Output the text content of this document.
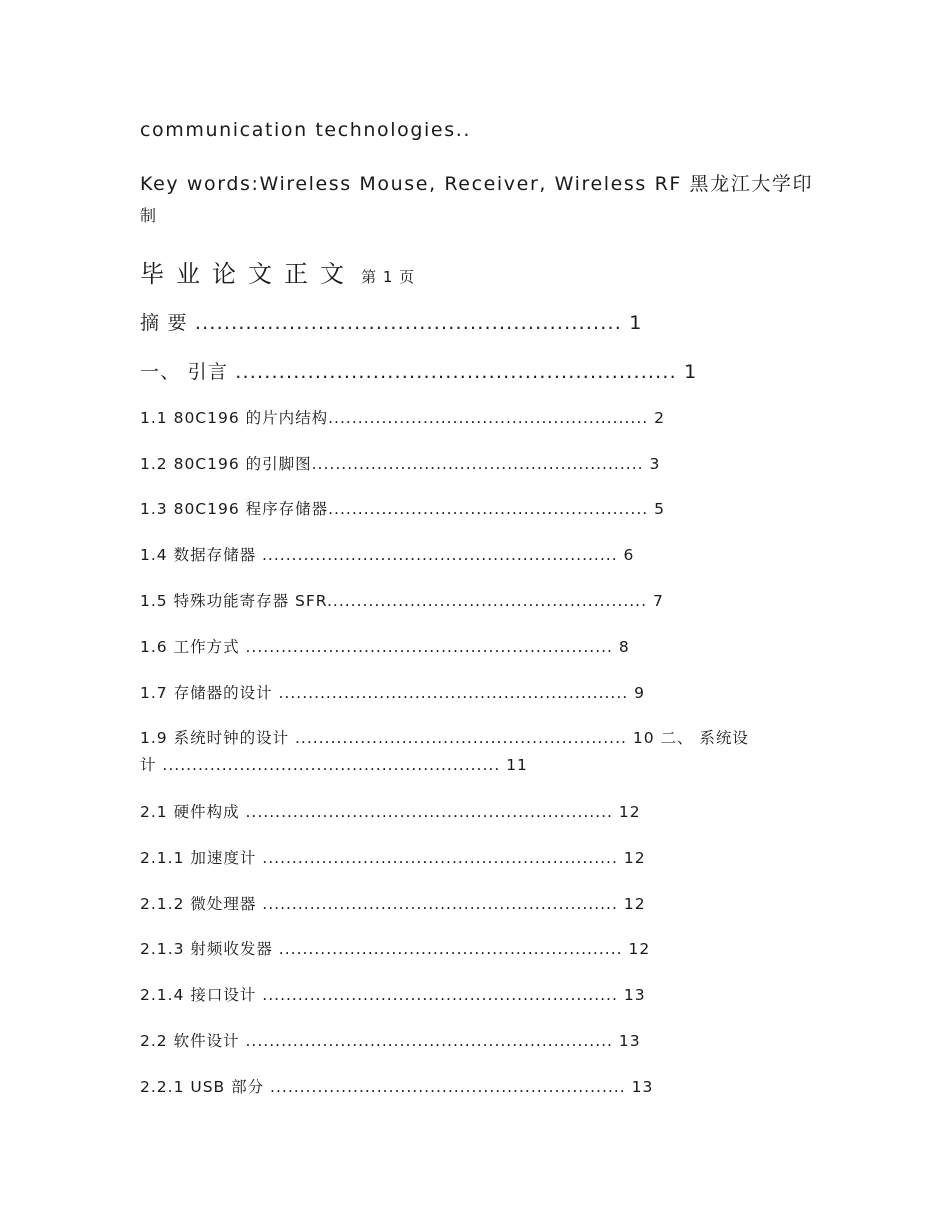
communication technologies..
Key words:Wireless Mouse, Receiver, Wireless RF 黑龙江大学印
制
毕业论文正文 第 1 页
摘 要 ........................................................... 1
一、 引言 ............................................................. 1
1.1 80C196 的片内结构...................................................... 2
1.2 80C196 的引脚图........................................................ 3
1.3 80C196 程序存储器...................................................... 5
1.4 数据存储器 ............................................................ 6
1.5 特殊功能寄存器 SFR...................................................... 7
1.6 工作方式 .............................................................. 8
1.7 存储器的设计 ........................................................... 9
1.9 系统时钟的设计 ........................................................ 10 二、 系统设
计 ......................................................... 11
2.1 硬件构成 .............................................................. 12
2.1.1 加速度计 ............................................................ 12
2.1.2 微处理器 ............................................................ 12
2.1.3 射频收发器 .......................................................... 12
2.1.4 接口设计 ............................................................ 13
2.2 软件设计 .............................................................. 13
2.2.1 USB 部分 ............................................................ 13
